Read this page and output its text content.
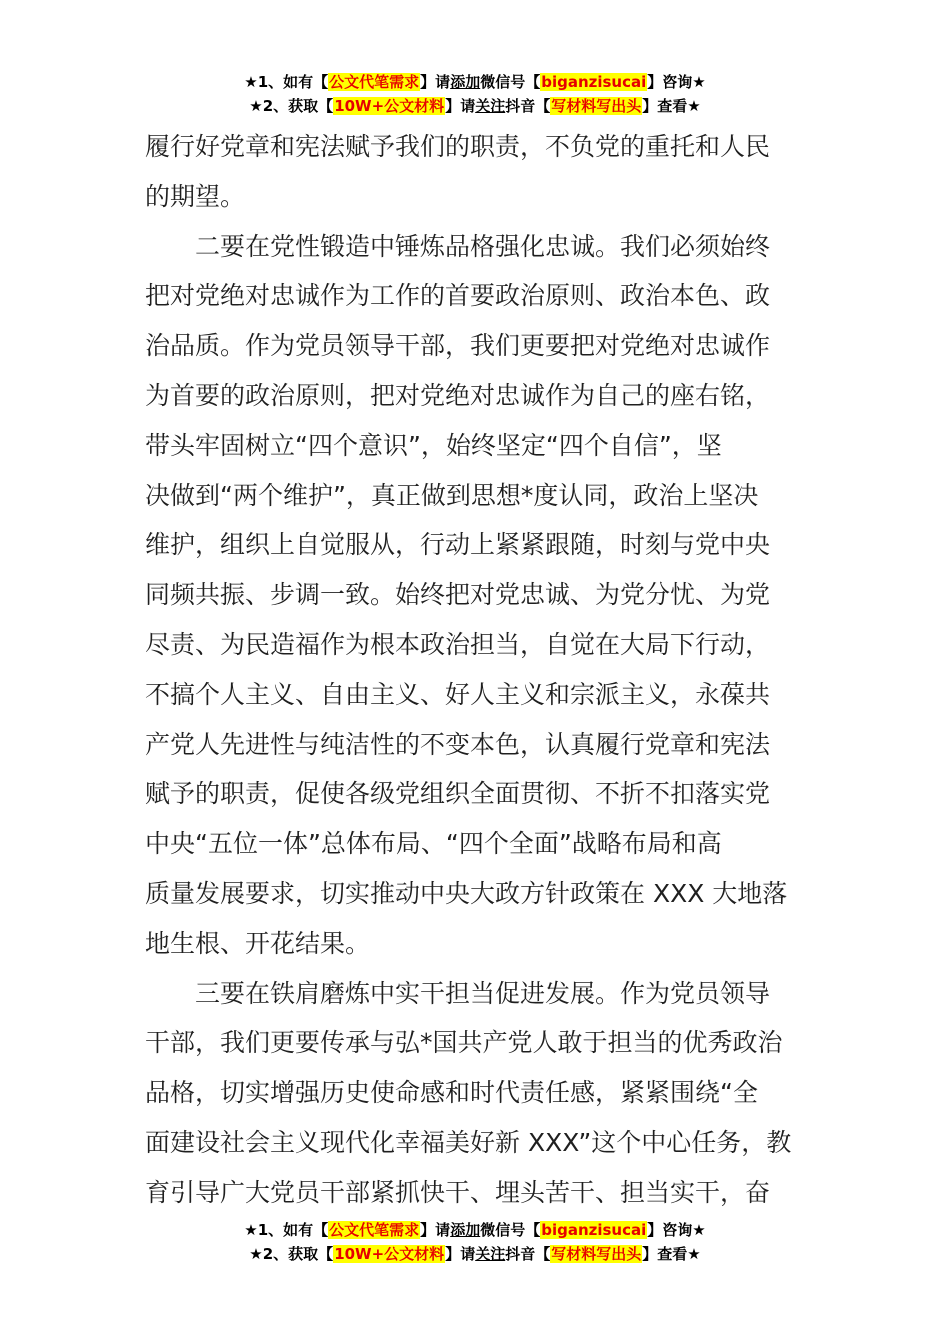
★1、如有【公文代笔需求】请添加微信号【biganzisucai】咨询★
★2、获取【10W+公文材料】请关注抖音【写材料写出头】查看★
履行好党章和宪法赋予我们的职责，不负党的重托和人民
的期望。
　　二要在党性锻造中锤炼品格强化忠诚。我们必须始终
把对党绝对忠诚作为工作的首要政治原则、政治本色、政
治品质。作为党员领导干部，我们更要把对党绝对忠诚作
为首要的政治原则，把对党绝对忠诚作为自己的座右铭，
带头牢固树立“四个意识”，始终坚定“四个自信”，坚
决做到“两个维护”，真正做到思想*度认同，政治上坚决
维护，组织上自觉服从，行动上紧紧跟随，时刻与党中央
同频共振、步调一致。始终把对党忠诚、为党分忧、为党
尽责、为民造福作为根本政治担当，自觉在大局下行动，
不搞个人主义、自由主义、好人主义和宗派主义，永葆共
产党人先进性与纯洁性的不变本色，认真履行党章和宪法
赋予的职责，促使各级党组织全面贯彻、不折不扣落实党
中央“五位一体”总体布局、“四个全面”战略布局和高
质量发展要求，切实推动中央大政方针政策在 XXX 大地落
地生根、开花结果。
　　三要在铁肩磨炼中实干担当促进发展。作为党员领导
干部，我们更要传承与弘*国共产党人敢于担当的优秀政治
品格，切实增强历史使命感和时代责任感，紧紧围绕“全
面建设社会主义现代化幸福美好新 XXX”这个中心任务，教
育引导广大党员干部紧抓快干、埋头苦干、担当实干，奋
★1、如有【公文代笔需求】请添加微信号【biganzisucai】咨询★
★2、获取【10W+公文材料】请关注抖音【写材料写出头】查看★
